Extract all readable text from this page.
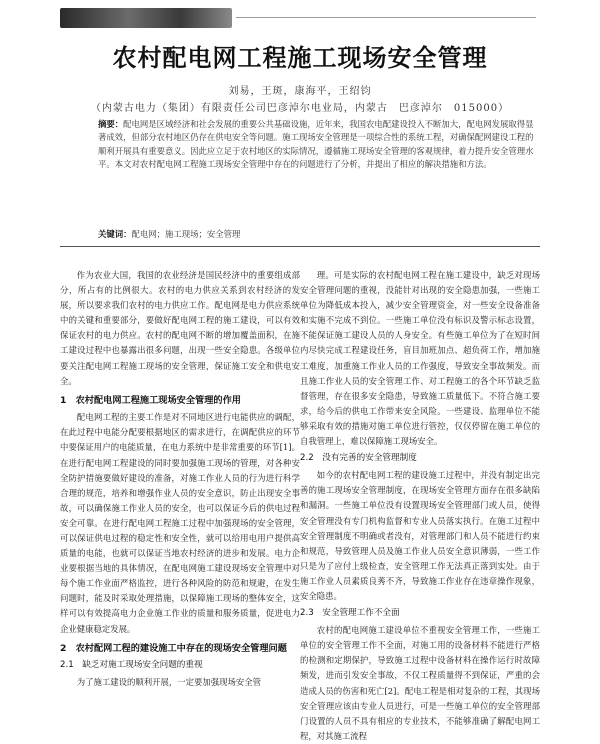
农村配电网工程施工现场安全管理
刘易，王斑，康海平，王绍钧
（内蒙古电力（集团）有限责任公司巴彦淖尔电业局，内蒙古　巴彦淖尔　015000）
摘要：配电网是区域经济和社会发展的重要公共基础设施，近年来，我国农电配建设投入不断加大，配电网发展取得显著成效，但部分农村地区仍存在供电安全等问题。施工现场安全管理是一项综合性的系统工程，对确保配网建设工程的顺利开展具有重要意义。因此应立足于农村地区的实际情况，遵循施工现场安全管理的客观规律，着力提升安全管理水平。本文对农村配电网工程施工现场安全管理中存在的问题进行了分析，并提出了相应的解决措施和方法。
关键词：配电网；施工现场；安全管理

作为农业大国，我国的农业经济是国民经济中的重要组成部分，所占有的比例很大。农村的电力供应关系到农村经济的发展，所以要求我们农村的电力供应工作。配电网是电力供应系统中的关键和重要部分，要做好配电网工程的施工建设，可以有效保证农村的电力供应。农村的配电网不断的增加覆盖面积，在施工建设过程中也暴露出很多问题，出现一些安全隐患。各级单位要关注配电网工程施工现场的安全管理，保证施工安全和供电安全。

1　农村配电网工程施工现场安全管理的作用

配电网工程的主要工作是对不同地区进行电能供应的调配，在此过程中电能分配要根据地区的需求进行，在调配供应的环节中要保证用户的电能质量，在电力系统中是非常重要的环节[1]。在进行配电网工程建设的同时要加强施工现场的管理，对各种安全防护措施要做好建设的准备，对施工作业人员的行为进行科学合理的规范，培养和增强作业人员的安全意识，防止出现安全事故，可以确保施工作业人员的安全，也可以保证今后的供电过程安全可靠。在进行配电网工程施工过程中加强现场的安全管理，可以保证供电过程的稳定性和安全性，就可以给用电用户提供高质量的电能，也就可以保证当地农村经济的进步和发展。电力企业要根据当地的具体情况，在配电网施工建设现场安全管理中对每个施工作业面严格监控，进行各种风险的防范和规避，在发生问题时，能及时采取处理措施，以保障施工现场的整体安全，这样可以有效提高电力企业施工作业的质量和服务质量，促进电力企业健康稳定发展。

2　农村配网工程的建设施工中存在的现场安全管理问题
2.1　缺乏对施工现场安全问题的重视

为了施工建设的顺利开展，一定要加强现场安全管

理。可是实际的农村配电网工程在施工建设中，缺乏对现场安全管理问题的重视，没能针对出现的安全隐患加强，一些施工单位为降低成本投入，减少安全管理资金，对一些安全设备准备和实施不完成不到位。一些施工单位没有标识及警示标志设置，不能保证施工建设人员的人身安全。有些施工单位为了在短时间内尽快完成工程建设任务，盲目加班加点、超负荷工作，增加施工难度，加重施工作业人员的工作强度，导致安全事故频发。而且施工作业人员的安全管理工作、对工程施工的各个环节缺乏监督管理，存在很多安全隐患，导致施工质量低下。不符合施工要求，给今后的供电工作带来安全风险。一些建设、监理单位不能够采取有效的措施对施工单位进行管控，仅仅停留在施工单位的自我管理上，难以保障施工现场安全。

2.2　没有完善的安全管理制度

如今的农村配电网工程的建设施工过程中，并没有制定出完善的施工现场安全管理制度，在现场安全管理方面存在很多缺陷和漏洞。一些施工单位没有设置现场安全管理部门或人员，使得安全管理没有专门机构监督和专业人员落实执行。在施工过程中安全管理制度不明确或者没有，对管理部门和人员不能进行约束和规范，导致管理人员及施工作业人员安全意识薄弱，一些工作只是为了应付上级检查，安全管理工作无法真正落到实处。由于施工作业人员素质良莠不齐，导致施工作业存在违章操作现象，安全隐患。

2.3　安全管理工作不全面

农村的配电网施工建设单位不重视安全管理工作，一些施工单位的安全管理工作不全面，对施工用的设备材料不能进行严格的检测和定期保护，导致施工过程中设备材料在操作运行时故障频发，进而引发安全事故，不仅工程质量得不到保证，严重的会造成人员的伤害和死亡[2]。配电工程是相对复杂的工程，其现场安全管理应该由专业人员进行，可是一些施工单位的安全管理部门设置的人员不具有相应的专业技术，不能够准确了解配电网工程，对其施工流程
